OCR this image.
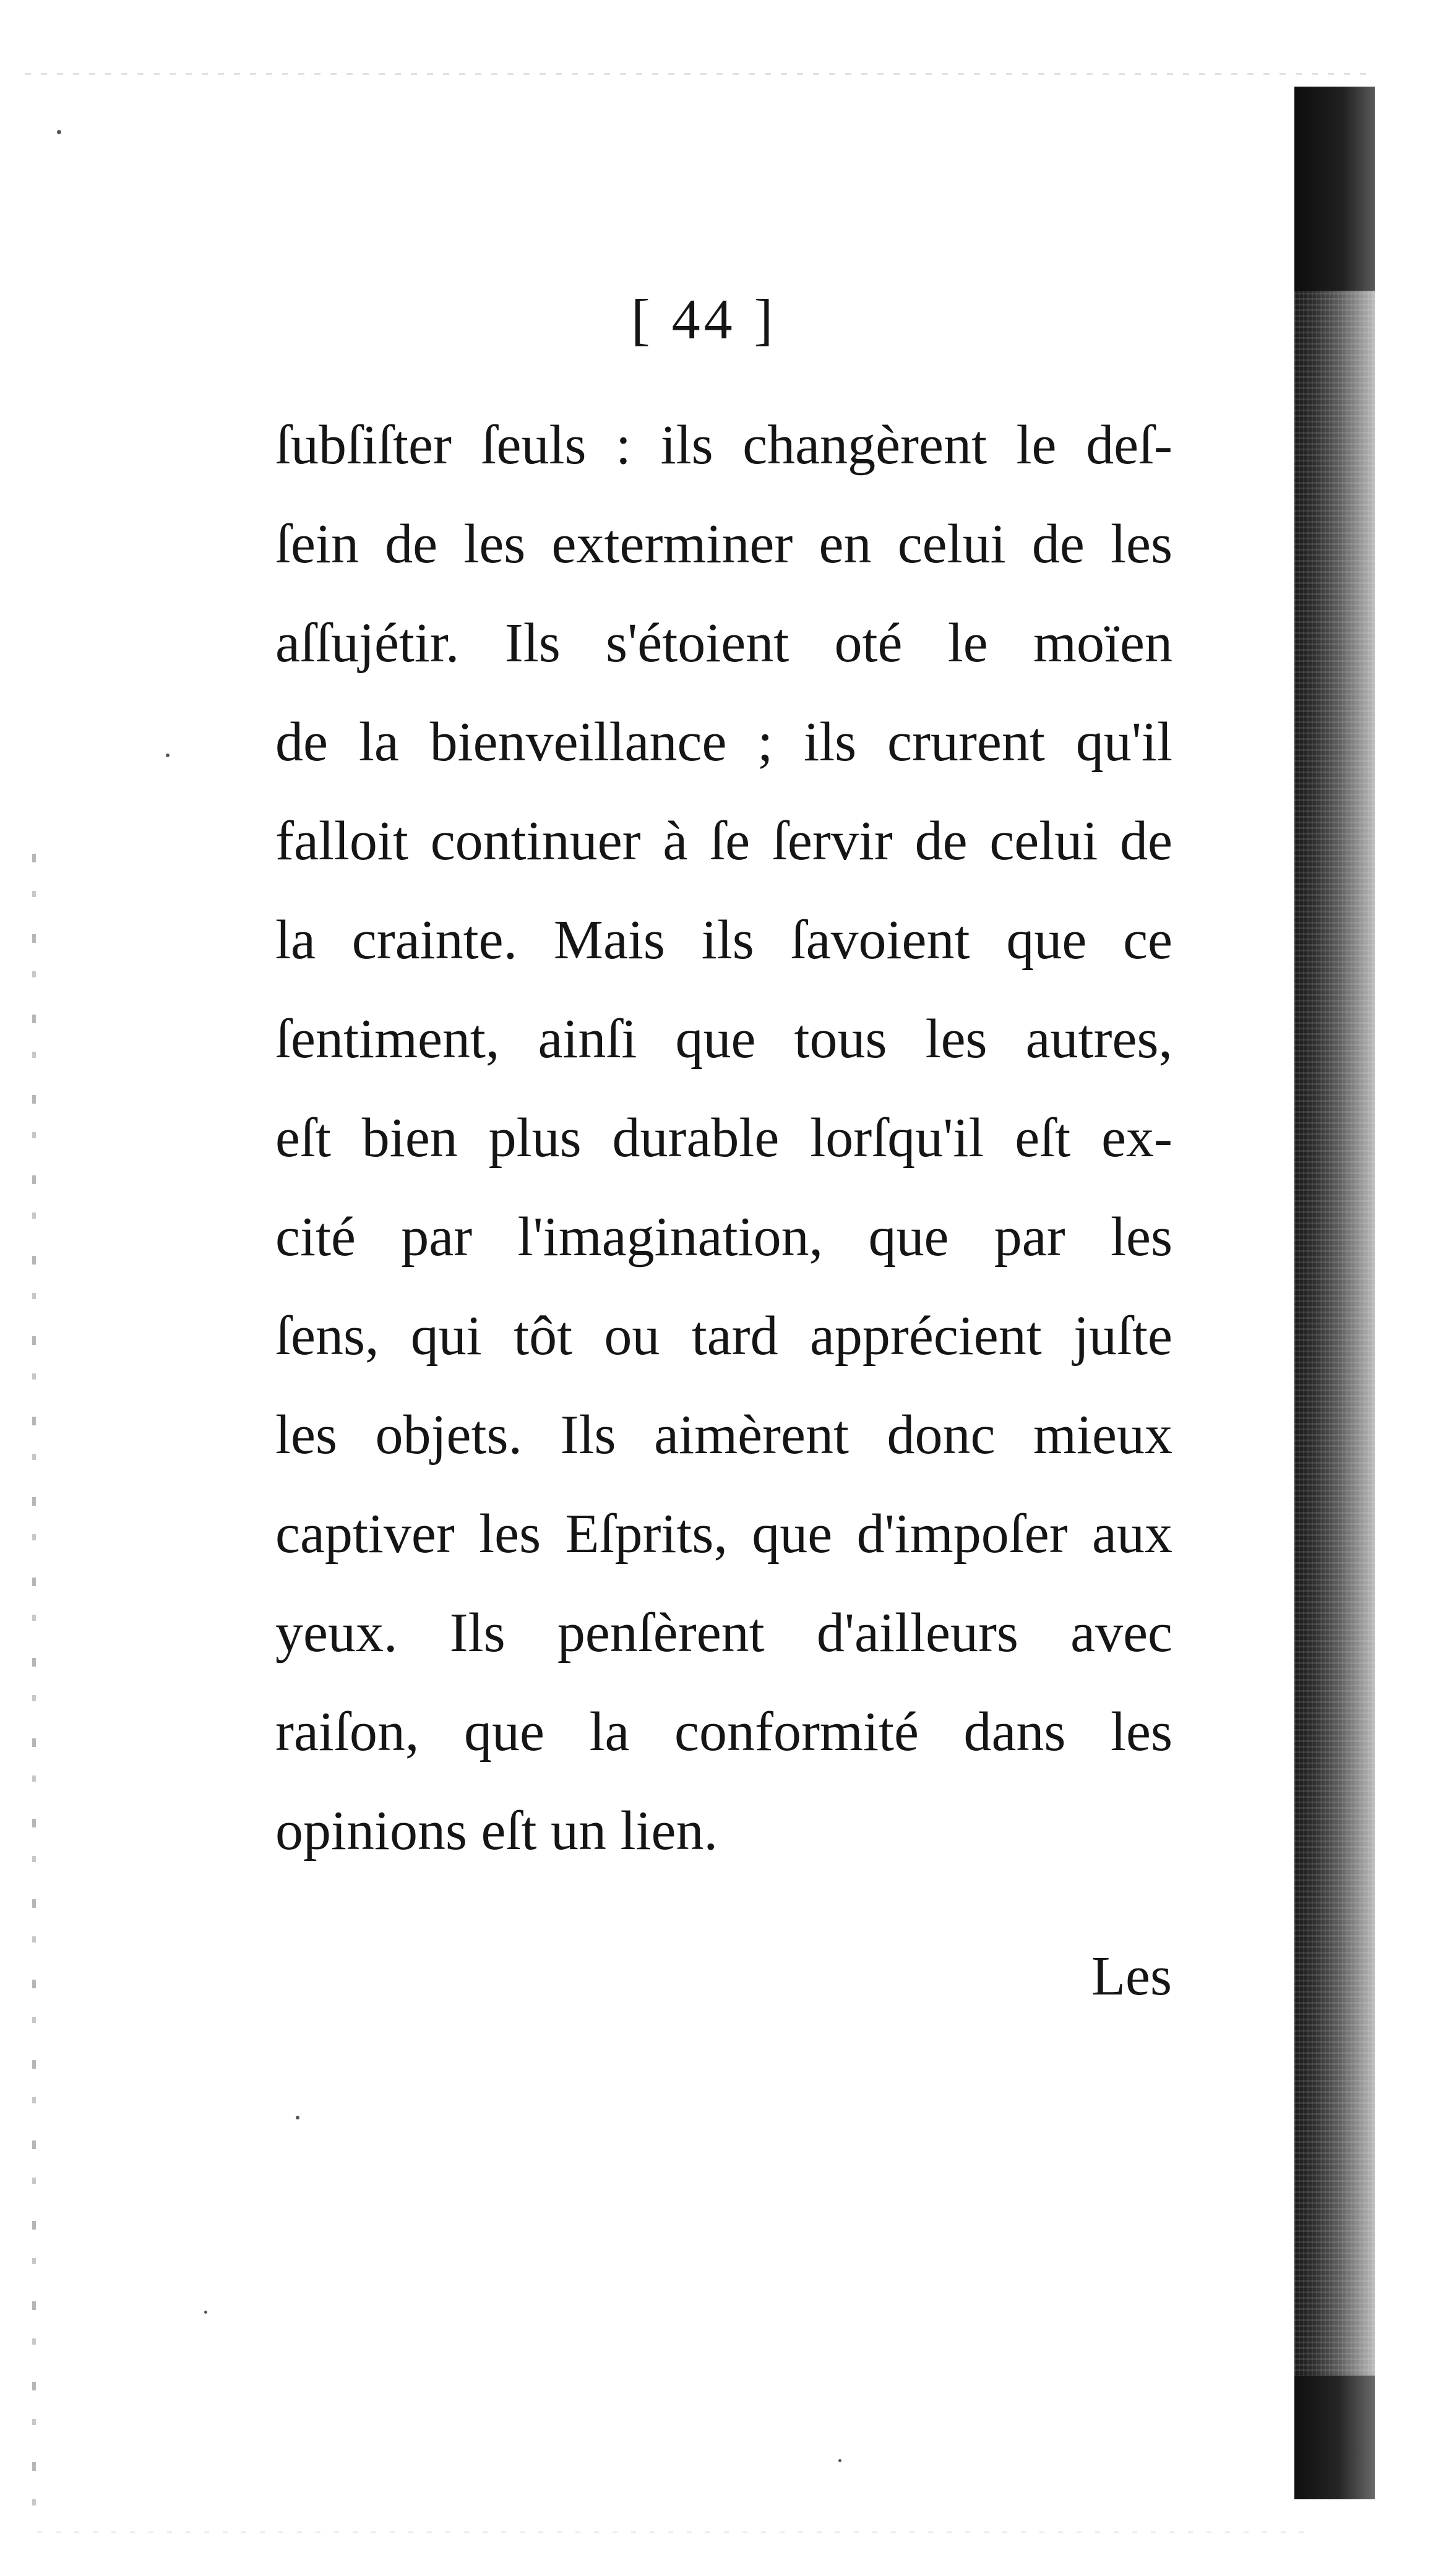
[ 44 ]
ſubſiſter ſeuls : ils changèrent le deſ-
ſein de les exterminer en celui de les
aſſujétir. Ils s'étoient oté le moïen
de la bienveillance ; ils crurent qu'il
falloit continuer à ſe ſervir de celui de
la crainte. Mais ils ſavoient que ce
ſentiment, ainſi que tous les autres,
eſt bien plus durable lorſqu'il eſt ex-
cité par l'imagination, que par les
ſens, qui tôt ou tard apprécient juſte
les objets. Ils aimèrent donc mieux
captiver les Eſprits, que d'impoſer aux
yeux. Ils penſèrent d'ailleurs avec
raiſon, que la conformité dans les
opinions eſt un lien.
Les
